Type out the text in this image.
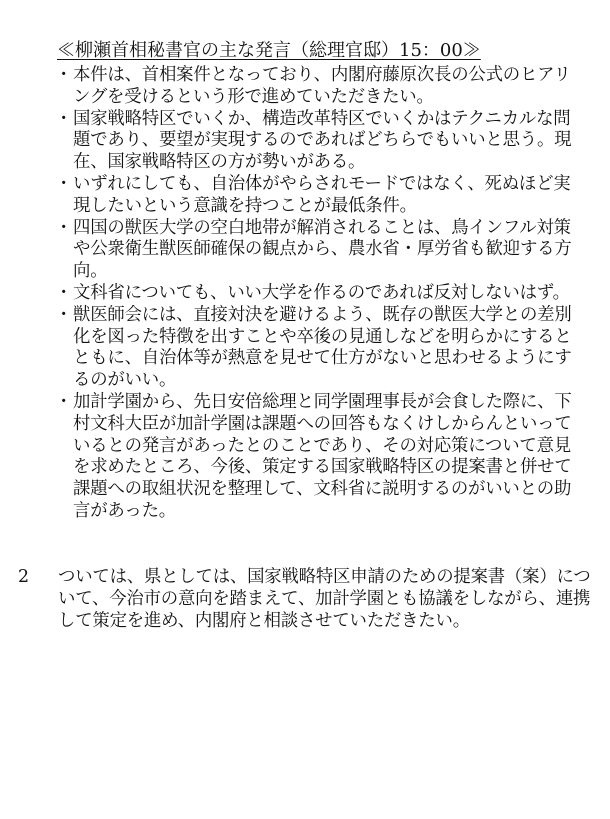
≪柳瀬首相秘書官の主な発言（総理官邸）15：00≫
・ 本件は、首相案件となっており、内閣府藤原次長の公式のヒアリングを受けるという形で進めていただきたい。
・ 国家戦略特区でいくか、構造改革特区でいくかはテクニカルな問題であり、要望が実現するのであればどちらでもいいと思う。現在、国家戦略特区の方が勢いがある。
・ いずれにしても、自治体がやらされモードではなく、死ぬほど実現したいという意識を持つことが最低条件。
・ 四国の獣医大学の空白地帯が解消されることは、鳥インフル対策や公衆衛生獣医師確保の観点から、農水省・厚労省も歓迎する方向。
・ 文科省についても、いい大学を作るのであれば反対しないはず。
・ 獣医師会には、直接対決を避けるよう、既存の獣医大学との差別化を図った特徴を出すことや卒後の見通しなどを明らかにするとともに、自治体等が熱意を見せて仕方がないと思わせるようにするのがいい。
・ 加計学園から、先日安倍総理と同学園理事長が会食した際に、下村文科大臣が加計学園は課題への回答もなくけしからんといっているとの発言があったとのことであり、その対応策について意見を求めたところ、今後、策定する国家戦略特区の提案書と併せて課題への取組状況を整理して、文科省に説明するのがいいとの助言があった。
2	ついては、県としては、国家戦略特区申請のための提案書（案）について、今治市の意向を踏まえて、加計学園とも協議をしながら、連携して策定を進め、内閣府と相談させていただきたい。
